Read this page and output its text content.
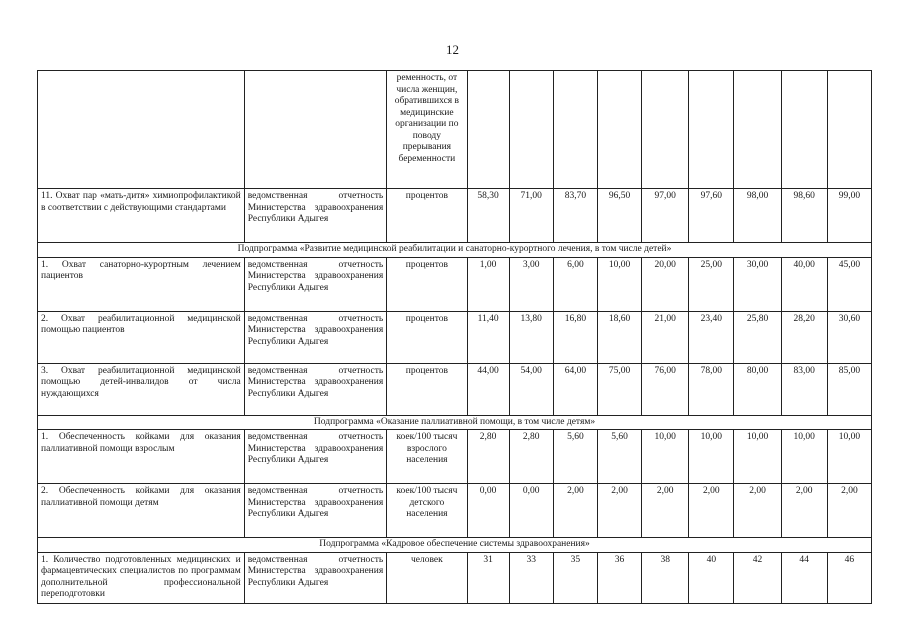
12
		ременность, от числа женщин, обратившихся в медицинские организации по поводу прерывания беременности									
11. Охват пар «мать-дитя» химиопрофилактикой в соответствии с действующими стандартами	ведомственная отчетность Министерства здравоохранения Республики Адыгея	процентов	58,30	71,00	83,70	96,50	97,00	97,60	98,00	98,60	99,00
Подпрограмма «Развитие медицинской реабилитации и санаторно-курортного лечения, в том числе детей»											
1. Охват санаторно-курортным лечением пациентов	ведомственная отчетность Министерства здравоохранения Республики Адыгея	процентов	1,00	3,00	6,00	10,00	20,00	25,00	30,00	40,00	45,00
2. Охват реабилитационной медицинской помощью пациентов	ведомственная отчетность Министерства здравоохранения Республики Адыгея	процентов	11,40	13,80	16,80	18,60	21,00	23,40	25,80	28,20	30,60
3. Охват реабилитационной медицинской помощью детей-инвалидов от числа нуждающихся	ведомственная отчетность Министерства здравоохранения Республики Адыгея	процентов	44,00	54,00	64,00	75,00	76,00	78,00	80,00	83,00	85,00
Подпрограмма «Оказание паллиативной помощи, в том числе детям»											
1. Обеспеченность койками для оказания паллиативной помощи взрослым	ведомственная отчетность Министерства здравоохранения Республики Адыгея	коек/100 тысяч взрослого населения	2,80	2,80	5,60	5,60	10,00	10,00	10,00	10,00	10,00
2. Обеспеченность койками для оказания паллиативной помощи детям	ведомственная отчетность Министерства здравоохранения Республики Адыгея	коек/100 тысяч детского населения	0,00	0,00	2,00	2,00	2,00	2,00	2,00	2,00	2,00
Подпрограмма «Кадровое обеспечение системы здравоохранения»											
1. Количество подготовленных медицинских и фармацевтических специалистов по программам дополнительной профессиональной переподготовки	ведомственная отчетность Министерства здравоохранения Республики Адыгея	человек	31	33	35	36	38	40	42	44	46
